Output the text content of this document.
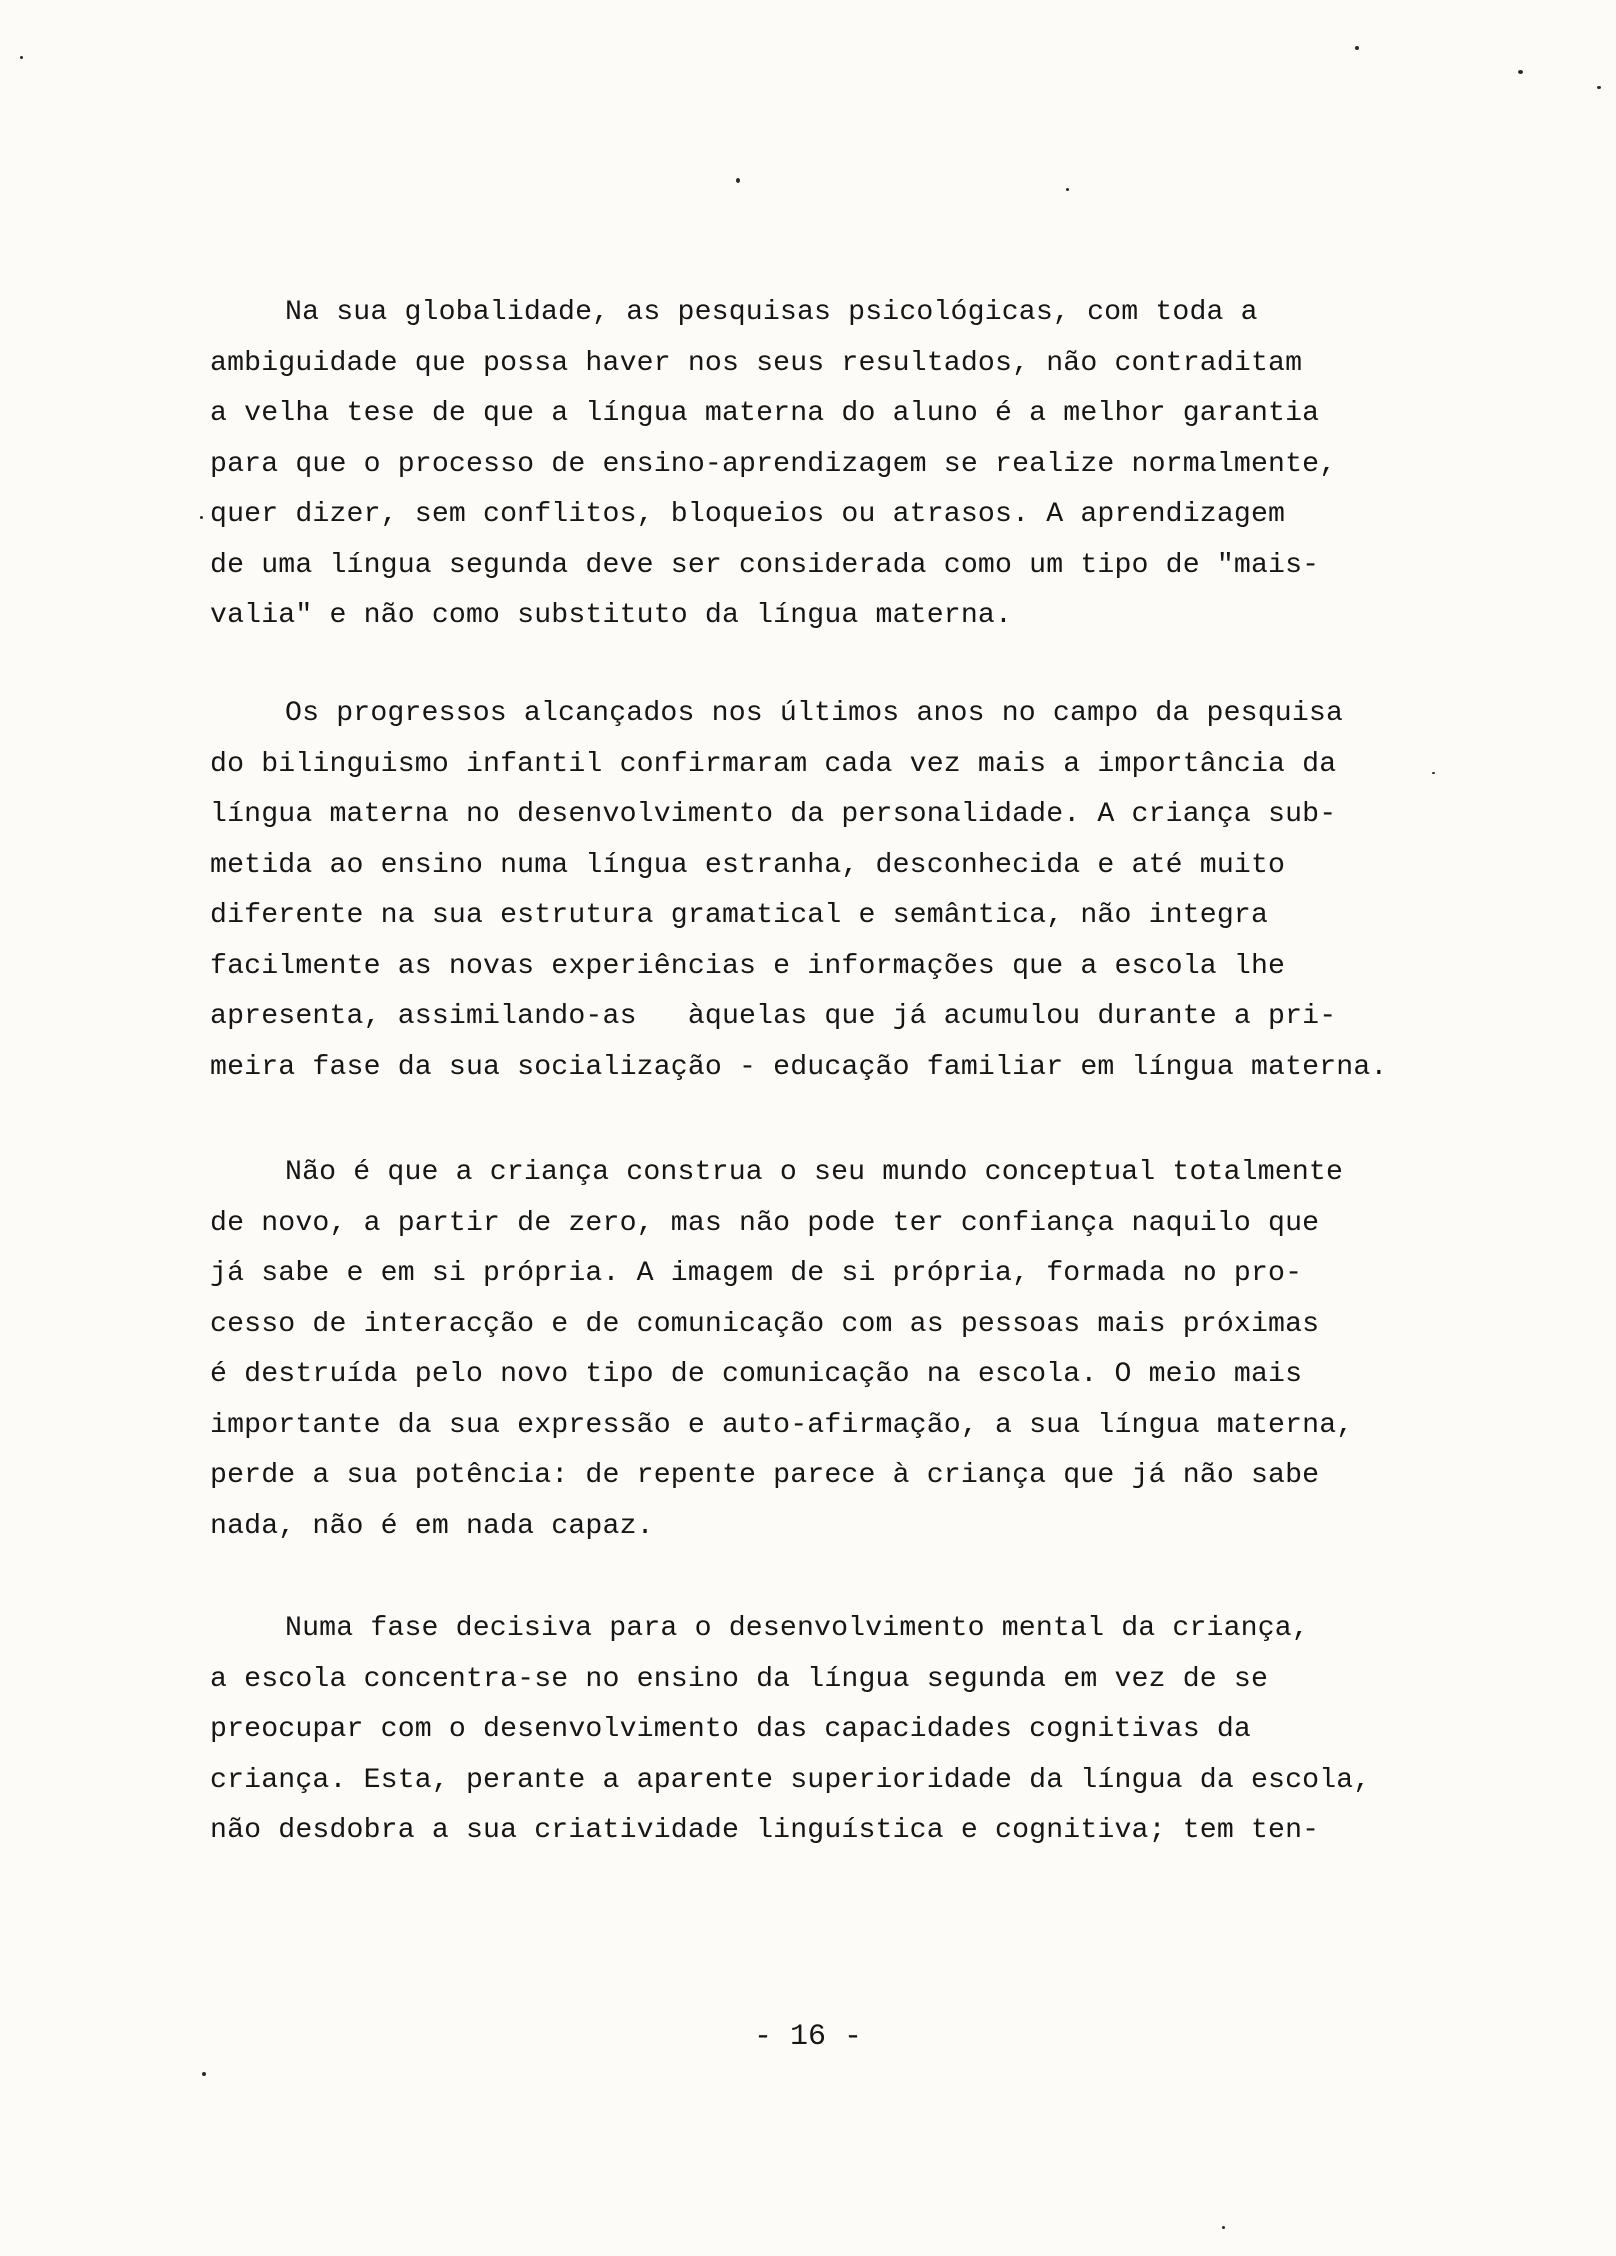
Na sua globalidade, as pesquisas psicológicas, com toda a
ambiguidade que possa haver nos seus resultados, não contraditam
a velha tese de que a língua materna do aluno é a melhor garantia
para que o processo de ensino-aprendizagem se realize normalmente,
quer dizer, sem conflitos, bloqueios ou atrasos. A aprendizagem
de uma língua segunda deve ser considerada como um tipo de "mais-
valia" e não como substituto da língua materna.
Os progressos alcançados nos últimos anos no campo da pesquisa
do bilinguismo infantil confirmaram cada vez mais a importância da
língua materna no desenvolvimento da personalidade. A criança sub-
metida ao ensino numa língua estranha, desconhecida e até muito
diferente na sua estrutura gramatical e semântica, não integra
facilmente as novas experiências e informações que a escola lhe
apresenta, assimilando-as   àquelas que já acumulou durante a pri-
meira fase da sua socialização - educação familiar em língua materna.
Não é que a criança construa o seu mundo conceptual totalmente
de novo, a partir de zero, mas não pode ter confiança naquilo que
já sabe e em si própria. A imagem de si própria, formada no pro-
cesso de interacção e de comunicação com as pessoas mais próximas
é destruída pelo novo tipo de comunicação na escola. O meio mais
importante da sua expressão e auto-afirmação, a sua língua materna,
perde a sua potência: de repente parece à criança que já não sabe
nada, não é em nada capaz.
Numa fase decisiva para o desenvolvimento mental da criança,
a escola concentra-se no ensino da língua segunda em vez de se
preocupar com o desenvolvimento das capacidades cognitivas da
criança. Esta, perante a aparente superioridade da língua da escola,
não desdobra a sua criatividade linguística e cognitiva; tem ten-
- 16 -
